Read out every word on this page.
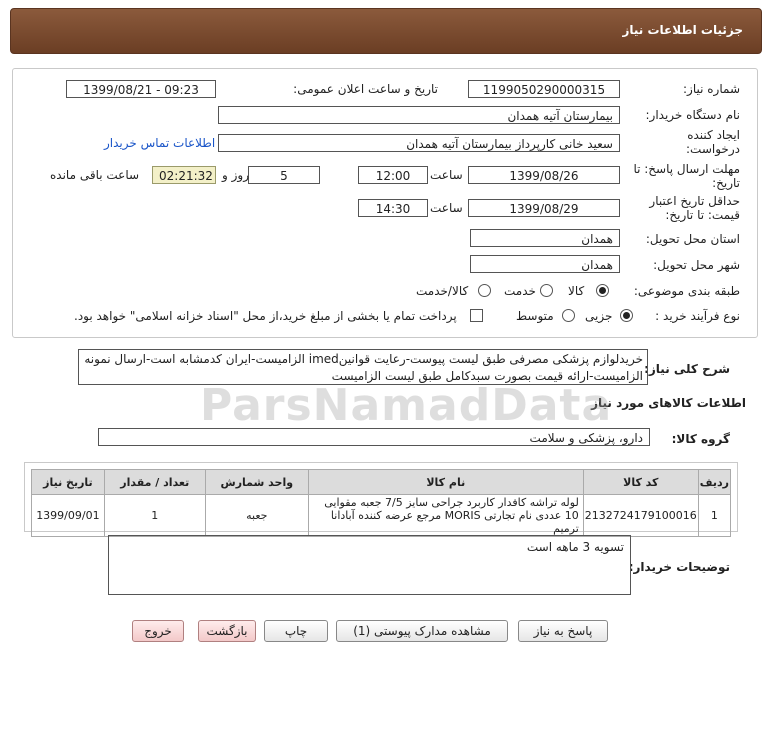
جزئیات اطلاعات نیاز
شماره نیاز:
1199050290000315
تاریخ و ساعت اعلان عمومی:
1399/08/21 - 09:23
نام دستگاه خریدار:
بیمارستان آتیه همدان
ایجاد کننده درخواست:
سعید خانی کارپرداز بیمارستان آتیه همدان
اطلاعات تماس خریدار
مهلت ارسال پاسخ: تا تاریخ:
1399/08/26
ساعت
12:00
5
روز و
02:21:32
ساعت باقی مانده
حداقل تاریخ اعتبار قیمت: تا تاریخ:
1399/08/29
ساعت
14:30
استان محل تحویل:
همدان
شهر محل تحویل:
همدان
طبقه بندی موضوعی:
کالا
خدمت
کالا/خدمت
نوع فرآیند خرید :
جزیی
متوسط
پرداخت تمام یا بخشی از مبلغ خرید،از محل "اسناد خزانه اسلامی" خواهد بود.
شرح کلی نیاز:
خریدلوازم پزشکی مصرفی طبق لیست پیوست-رعایت قوانینimed الزامیست-ایران کدمشابه است-ارسال نمونه الزامیست-ارائه قیمت بصورت سبدکامل طبق لیست الزامیست
اطلاعات کالاهای مورد نیاز
گروه کالا:
دارو، پزشکی و سلامت
ردیف	کد کالا	نام کالا	واحد شمارش	تعداد / مقدار	تاریخ نیاز
1	2132724179100016	لوله تراشه کافدار کاربرد جراحی سایز 7/5 جعبه مقوایی 10 عددی نام تجارتی MORIS مرجع عرضه کننده آبادانا ترمیم	جعبه	1	1399/09/01
توضیحات خریدار:
تسویه 3 ماهه است
پاسخ به نیاز
مشاهده مدارک پیوستی (1)
چاپ
بازگشت
خروج
ParsNamadData
